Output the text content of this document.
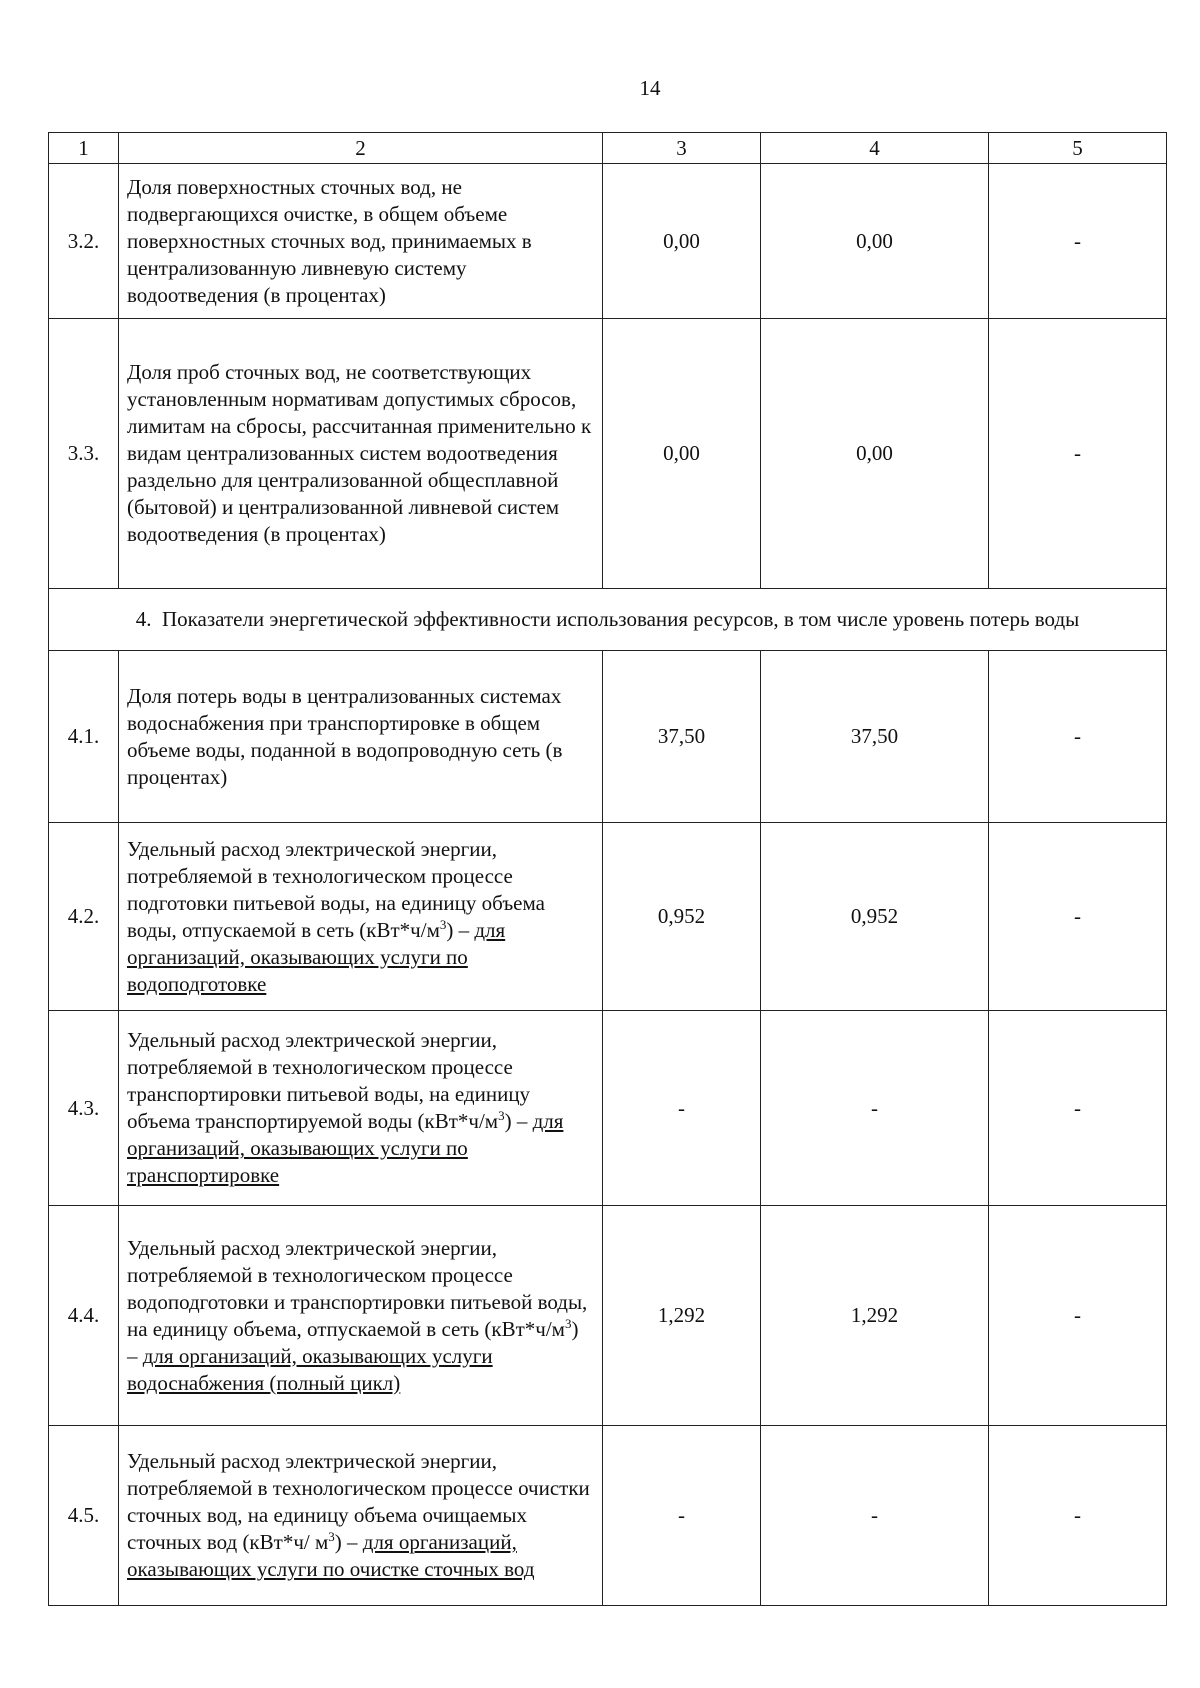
14
1	2	3	4	5
3.2.	Доля поверхностных сточных вод, не подвергающихся очистке, в общем объеме поверхностных сточных вод, принимаемых в централизованную ливневую систему водоотведения (в процентах)	0,00	0,00	-
3.3.	Доля проб сточных вод, не соответствующих установленным нормативам допустимых сбросов, лимитам на сбросы, рассчитанная применительно к видам централизованных систем водоотведения раздельно для централизованной общесплавной (бытовой) и централизованной ливневой систем водоотведения (в процентах)	0,00	0,00	-
4. Показатели энергетической эффективности использования ресурсов, в том числе уровень потерь воды				
4.1.	Доля потерь воды в централизованных системах водоснабжения при транспортировке в общем объеме воды, поданной в водопроводную сеть (в процентах)	37,50	37,50	-
4.2.	Удельный расход электрической энергии, потребляемой в технологическом процессе подготовки питьевой воды, на единицу объема воды, отпускаемой в сеть $(кВт*ч/м^3)$ – для организаций, оказывающих услуги по водоподготовке	0,952	0,952	-
4.3.	Удельный расход электрической энергии, потребляемой в технологическом процессе транспортировки питьевой воды, на единицу объема транспортируемой воды $(кВт*ч/м^3)$ – для организаций, оказывающих услуги по транспортировке	-	-	-
4.4.	Удельный расход электрической энергии, потребляемой в технологическом процессе водоподготовки и транспортировки питьевой воды, на единицу объема, отпускаемой в сеть $(кВт*ч/м^3)$ – для организаций, оказывающих услуги водоснабжения (полный цикл)	1,292	1,292	-
4.5.	Удельный расход электрической энергии, потребляемой в технологическом процессе очистки сточных вод, на единицу объема очищаемых сточных вод (кВт*ч/ $м^3$) – для организаций, оказывающих услуги по очистке сточных вод	-	-	-
